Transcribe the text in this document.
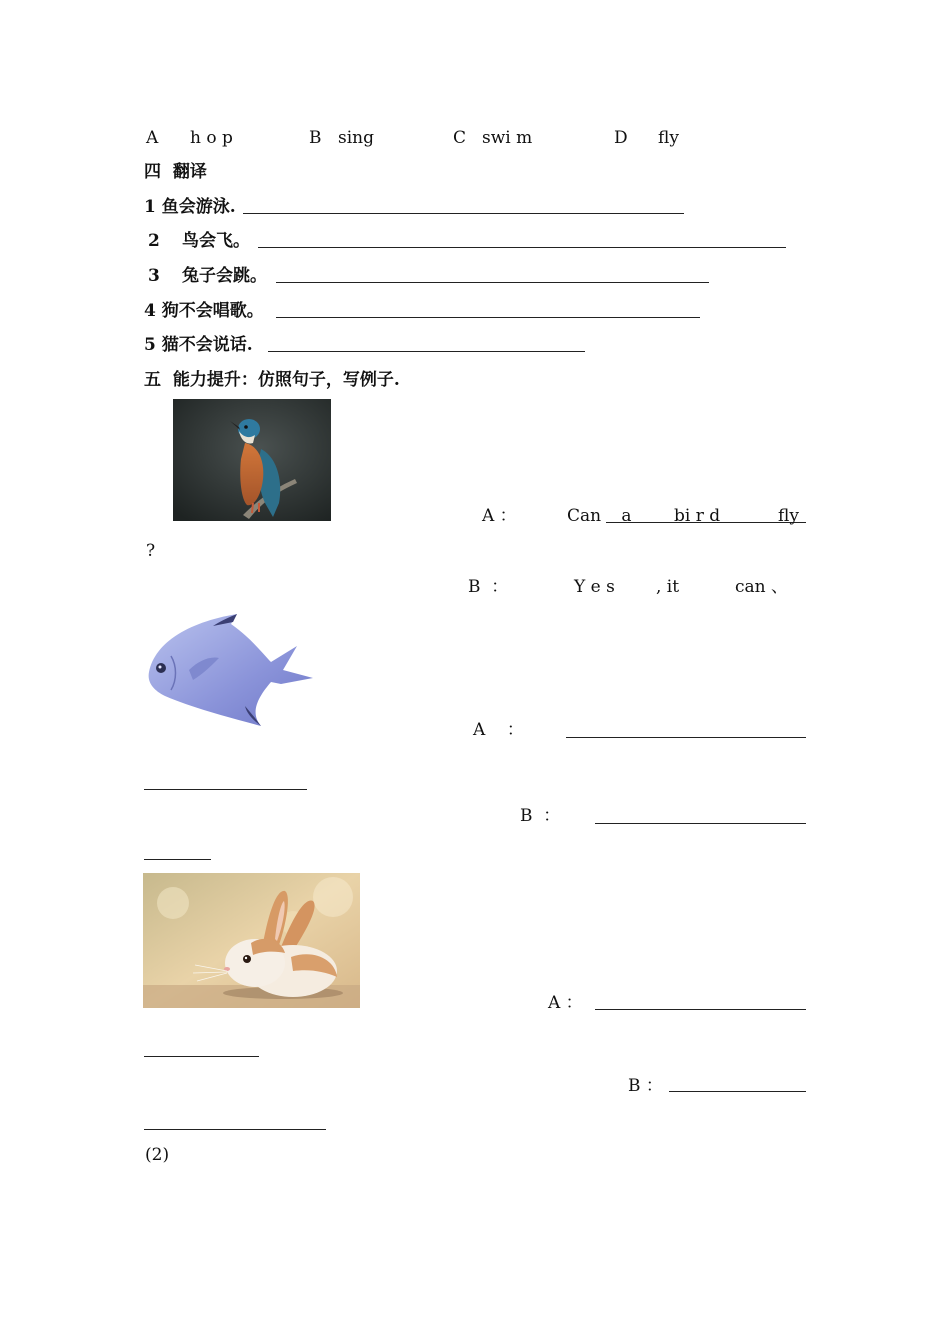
A h o p	B sing	C swi m	D fly
四  翻译
1 鱼会游泳.
2 鸟会飞。
3 兔子会跳。
4 狗不会唱歌。
5 猫不会说话.
五  能力提升：仿照句子，写例子.
A ：	Can a bi r d	fly
?
B  ：	Y e s , it	can 、
A    ：
B  ：
A ：
B ：
(2)
